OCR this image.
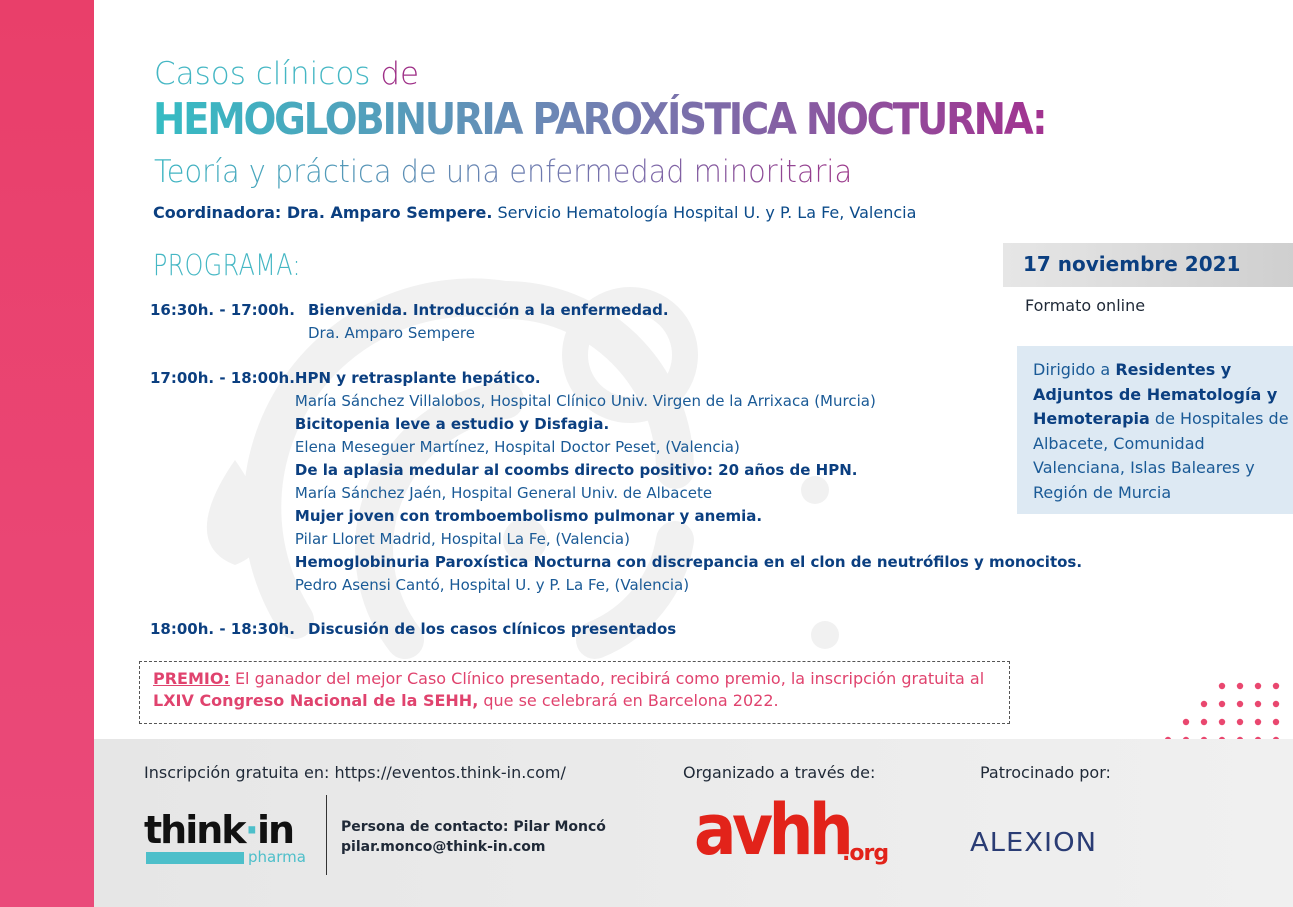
Casos clínicos de
HEMOGLOBINURIA PAROXÍSTICA NOCTURNA:
Teoría y práctica de una enfermedad minoritaria
Coordinadora: Dra. Amparo Sempere. Servicio Hematología Hospital U. y P. La Fe, Valencia
PROGRAMA:
16:30h. - 17:00h. Bienvenida. Introducción a la enfermedad.
Dra. Amparo Sempere
17:00h. - 18:00h. HPN y retrasplante hepático.
María Sánchez Villalobos, Hospital Clínico Univ. Virgen de la Arrixaca (Murcia)
Bicitopenia leve a estudio y Disfagia.
Elena Meseguer Martínez, Hospital Doctor Peset, (Valencia)
De la aplasia medular al coombs directo positivo: 20 años de HPN.
María Sánchez Jaén, Hospital General Univ. de Albacete
Mujer joven con tromboembolismo pulmonar y anemia.
Pilar Lloret Madrid, Hospital La Fe, (Valencia)
Hemoglobinuria Paroxística Nocturna con discrepancia en el clon de neutrófilos y monocitos.
Pedro Asensi Cantó, Hospital U. y P. La Fe, (Valencia)
18:00h. - 18:30h. Discusión de los casos clínicos presentados
17 noviembre 2021
Formato online
Dirigido a Residentes y Adjuntos de Hematología y Hemoterapia de Hospitales de Albacete, Comunidad Valenciana, Islas Baleares y Región de Murcia
PREMIO: El ganador del mejor Caso Clínico presentado, recibirá como premio, la inscripción gratuita al LXIV Congreso Nacional de la SEHH, que se celebrará en Barcelona 2022.
Inscripción gratuita en: https://eventos.think-in.com/	Organizado a través de:	Patrocinado por:
think·in
pharma
Persona de contacto: Pilar Moncó
pilar.monco@think-in.com	avhh
.org	ALEXION
